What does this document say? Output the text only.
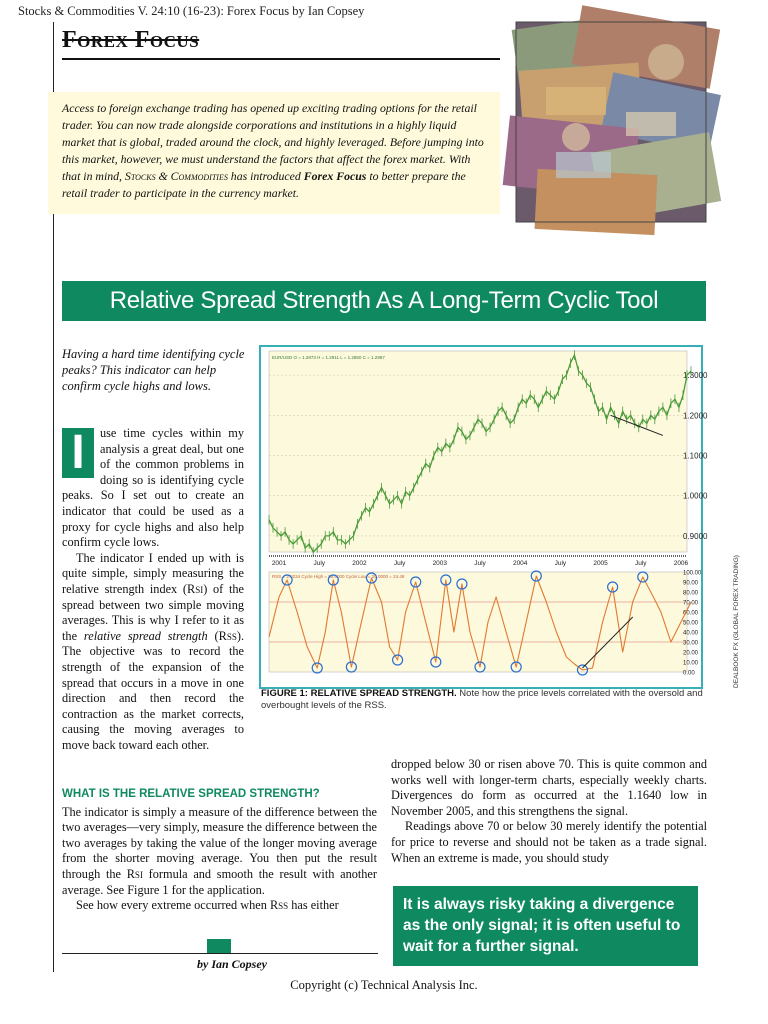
Stocks & Commodities V. 24:10 (16-23): Forex Focus by Ian Copsey
Forex Focus
Access to foreign exchange trading has opened up exciting trading options for the retail trader. You can now trade alongside corporations and institutions in a highly liquid market that is global, traded around the clock, and highly leveraged. Before jumping into this market, however, we must understand the factors that affect the forex market. With that in mind, Stocks & Commodities has introduced Forex Focus to better prepare the retail trader to participate in the currency market.
Relative Spread Strength As A Long-Term Cyclic Tool
Having a hard time identifying cycle peaks? This indicator can help confirm cycle highs and lows.
I	use time cycles within my analysis a great deal, but one of the common problems in doing so is identifying cycle peaks. So I set out to create an indicator that could be used as a proxy for cycle highs and also help confirm cycle lows.

The indicator I ended up with is quite simple, simply measuring the relative strength index (Rsi) of the spread between two simple moving averages. This is why I refer to it as the relative spread strength (Rss). The objective was to record the strength of the expansion of the spread that occurs in a move in one direction and then record the contraction as the market corrects, causing the moving averages to move back toward each other.

1.3000
1.2000
1.1000
1.0000
0.9000
EUR/USD O = 1.2873 H = 1.2911 L = 1.2850 C = 1.2887
2001	July	2002	July	2003	July	2004	July	2005	July	2006
100.00
90.00
80.00
70.00
60.00
50.00
40.00
30.00
20.00
10.00
0.00
RSS = 2.0234 Cycle High = 85.0000 Cycle Low = 20.0000 = 24.48
FIGURE 1: RELATIVE SPREAD STRENGTH. Note how the price levels correlated with the oversold and overbought levels of the RSS.
DEALBOOK FX (GLOBAL FOREX TRADING)
WHAT IS THE RELATIVE SPREAD STRENGTH?

The indicator is simply a measure of the difference between the two averages—very simply, measure the difference between the two averages by taking the value of the longer moving average from the shorter moving average. You then put the result through the Rsi formula and smooth the result with another average. See Figure 1 for the application.

See how every extreme occurred when Rss has either

dropped below 30 or risen above 70. This is quite common and works well with longer-term charts, especially weekly charts. Divergences do form as occurred at the 1.1640 low in November 2005, and this strengthens the signal.

Readings above 70 or below 30 merely identify the potential for price to reverse and should not be taken as a trade signal. When an extreme is made, you should study

It is always risky taking a divergence as the only signal; it is often useful to wait for a further signal.
by Ian Copsey
Copyright (c) Technical Analysis Inc.
